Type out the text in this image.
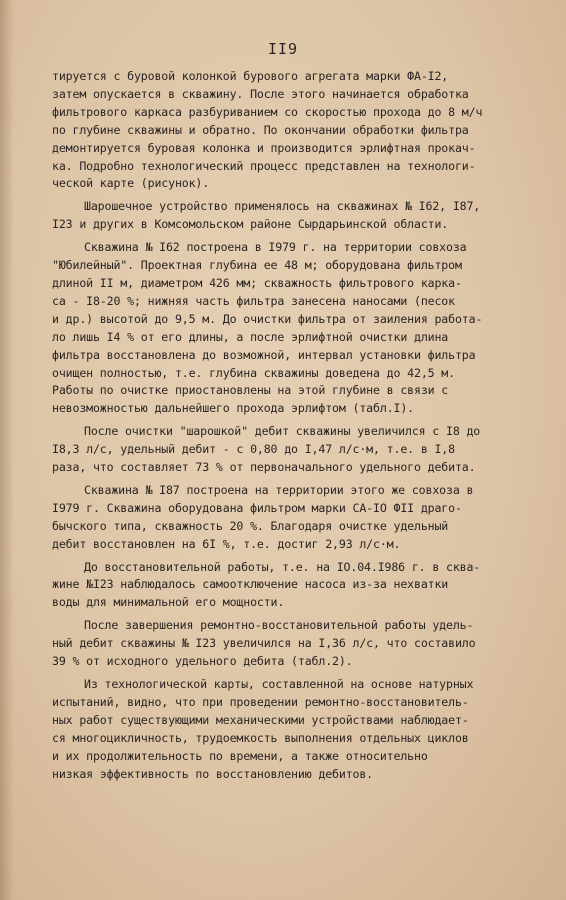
II9
тируется с буровой колонкой бурового агрегата марки ФА-I2,
затем опускается в скважину. После этого начинается обработка
фильтрового каркаса разбуриванием со скоростью прохода до 8 м/ч
по глубине скважины и обратно. По окончании обработки фильтра
демонтируется буровая колонка и производится эрлифтная прокач-
ка. Подробно технологический процесс представлен на технологи-
ческой карте (рисунок).
Шарошечное устройство применялось на скважинах № I62, I87,
I23 и других в Комсомольском районе Сырдарьинской области.
Скважина № I62 построена в I979 г. на территории совхоза
"Юбилейный". Проектная глубина ее 48 м; оборудована фильтром
длиной II м, диаметром 426 мм; скважность фильтрового карка-
са - I8-20 %; нижняя часть фильтра занесена наносами (песок
и др.) высотой до 9,5 м. До очистки фильтра от заиления работа-
ло лишь I4 % от его длины, а после эрлифтной очистки длина
фильтра восстановлена до возможной, интервал установки фильтра
очищен полностью, т.е. глубина скважины доведена до 42,5 м.
Работы по очистке приостановлены на этой глубине в связи с
невозможностью дальнейшего прохода эрлифтом (табл.I).
После очистки "шарошкой" дебит скважины увеличился с I8 до
I8,3 л/с, удельный дебит - с 0,80 до I,47 л/с·м, т.е. в I,8
раза, что составляет 73 % от первоначального удельного дебита.
Скважина № I87 построена на территории этого же совхоза в
I979 г. Скважина оборудована фильтром марки СА-IO ФII драго-
бычского типа, скважность 20 %. Благодаря очистке удельный
дебит восстановлен на 6I %, т.е. достиг 2,93 л/с·м.
До восстановительной работы, т.е. на IO.04.I986 г. в сква-
жине №I23 наблюдалось самоотключение насоса из-за нехватки
воды для минимальной его мощности.
После завершения ремонтно-восстановительной работы удель-
ный дебит скважины № I23 увеличился на I,36 л/с, что составило
39 % от исходного удельного дебита (табл.2).
Из технологической карты, составленной на основе натурных
испытаний, видно, что при проведении ремонтно-восстановитель-
ных работ существующими механическими устройствами наблюдает-
ся многоцикличность, трудоемкость выполнения отдельных циклов
и их продолжительность по времени, а также относительно
низкая эффективность по восстановлению дебитов.
